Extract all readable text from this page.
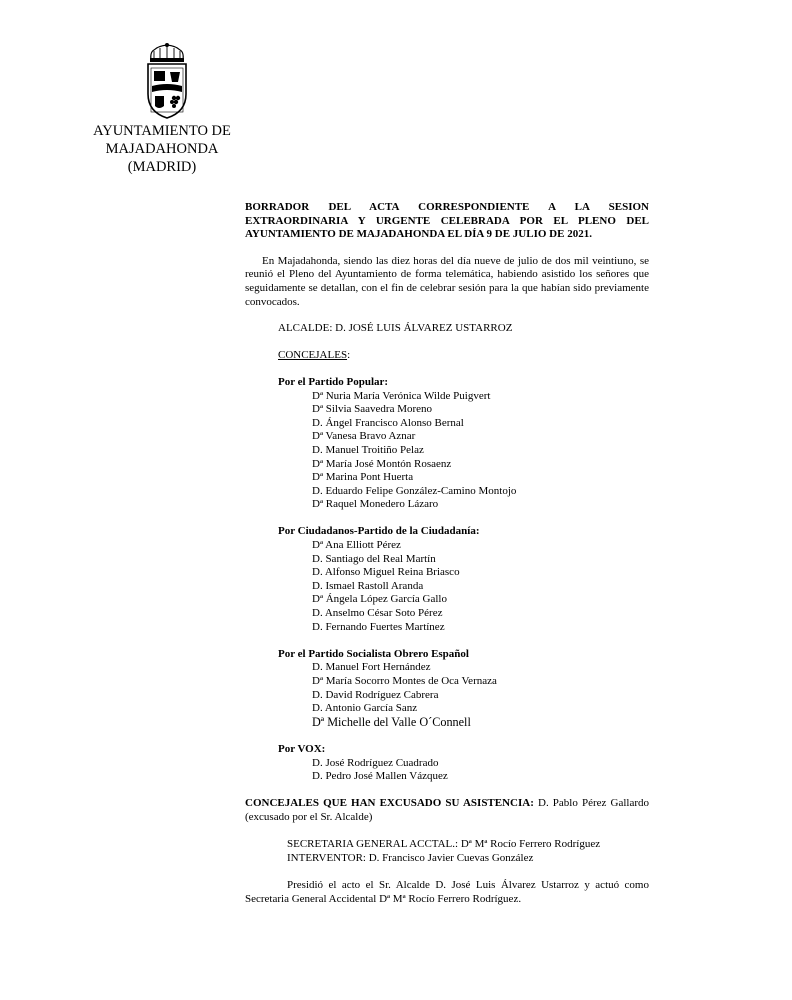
AYUNTAMIENTO DE
MAJADAHONDA
(MADRID)
BORRADOR DEL ACTA CORRESPONDIENTE A LA SESION
EXTRAORDINARIA Y URGENTE CELEBRADA POR EL PLENO DEL
AYUNTAMIENTO DE MAJADAHONDA EL DÍA 9 DE JULIO DE 2021.

En Majadahonda, siendo las diez horas del día nueve de julio de dos mil veintiuno, se reunió el Pleno del Ayuntamiento de forma telemática, habiendo asistido los señores que seguidamente se detallan, con el fin de celebrar sesión para la que habían sido previamente convocados.

ALCALDE: D. JOSÉ LUIS ÁLVAREZ USTARROZ
CONCEJALES:
Por el Partido Popular:
Dª Nuria María Verónica Wilde Puigvert
Dª Silvia Saavedra Moreno
D. Ángel Francisco Alonso Bernal
Dª Vanesa Bravo Aznar
D. Manuel Troitiño Pelaz
Dª María José Montón Rosaenz
Dª Marina Pont Huerta
D. Eduardo Felipe González-Camino Montojo
Dª Raquel Monedero Lázaro
Por Ciudadanos-Partido de la Ciudadanía:
Dª Ana Elliott Pérez
D. Santiago del Real Martín
D. Alfonso Miguel Reina Briasco
D. Ismael Rastoll Aranda
Dª Ángela López García Gallo
D. Anselmo César Soto Pérez
D. Fernando Fuertes Martínez
Por el Partido Socialista Obrero Español
D. Manuel Fort Hernández
Dª María Socorro Montes de Oca Vernaza
D. David Rodríguez Cabrera
D. Antonio García Sanz
Dª Michelle del Valle O´Connell
Por VOX:
D. José Rodríguez Cuadrado
D. Pedro José Mallen Vázquez

CONCEJALES QUE HAN EXCUSADO SU ASISTENCIA: D. Pablo Pérez Gallardo (excusado por el Sr. Alcalde)

SECRETARIA GENERAL ACCTAL.: Dª Mª Rocío Ferrero Rodríguez
INTERVENTOR: D. Francisco Javier Cuevas González

Presidió el acto el Sr. Alcalde D. José Luis Álvarez Ustarroz y actuó como Secretaria General Accidental Dª Mª Rocío Ferrero Rodríguez.
